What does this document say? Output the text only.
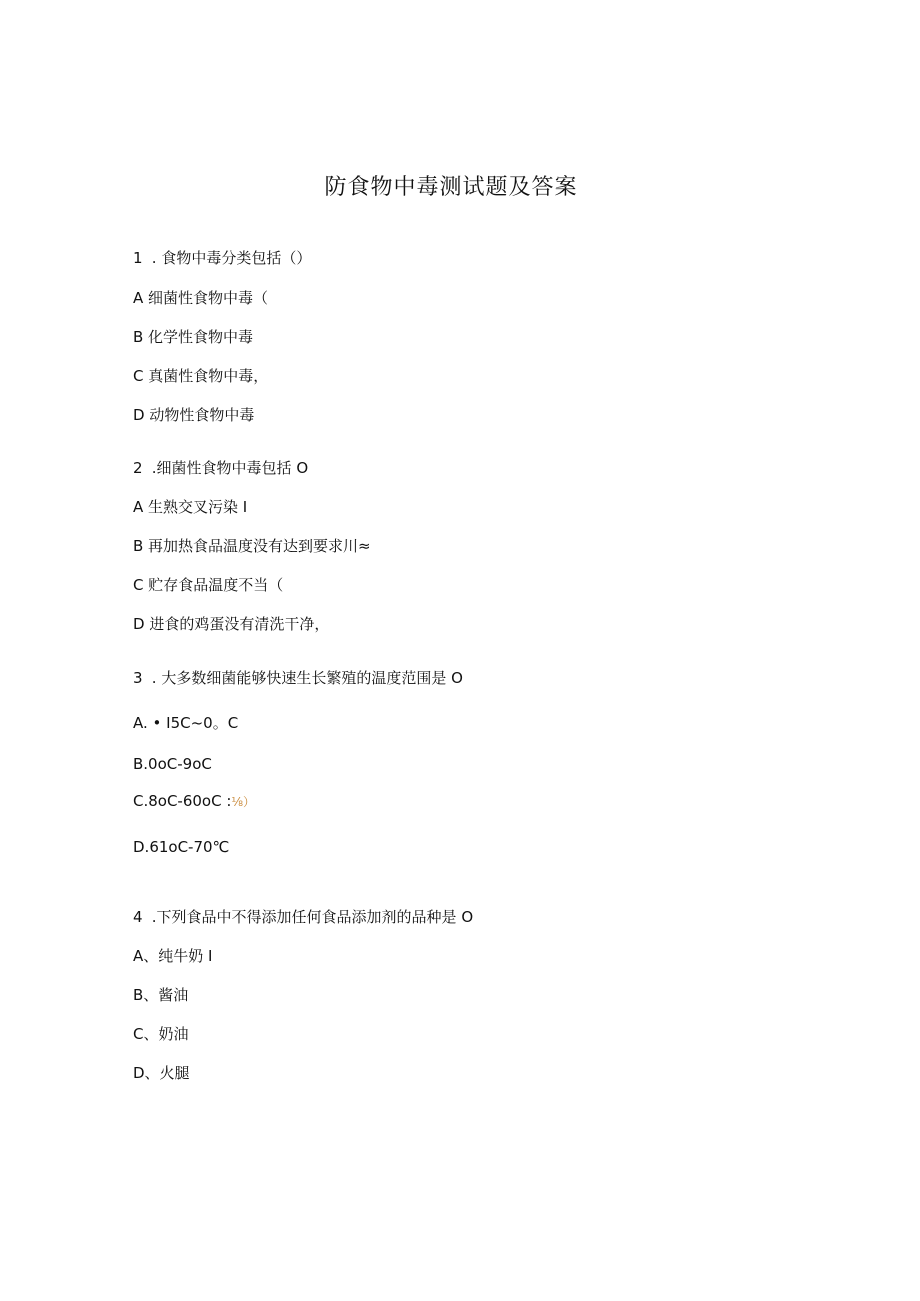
防食物中毒测试题及答案
1 . 食物中毒分类包括（）
A 细菌性食物中毒（
B 化学性食物中毒
C 真菌性食物中毒，
D 动物性食物中毒
2 .细菌性食物中毒包括 O
A 生熟交叉污染 I
B 再加热食品温度没有达到要求川≈
C 贮存食品温度不当（
D 进食的鸡蛋没有清洗干净，
3 . 大多数细菌能够快速生长繁殖的温度范围是 O
A. • I5C~0。C
B.0oC-9oC
C.8oC-60oC :⅛）
D.61oC-70℃
4 .下列食品中不得添加任何食品添加剂的品种是 O
A、纯牛奶 I
B、酱油
C、奶油
D、火腿
